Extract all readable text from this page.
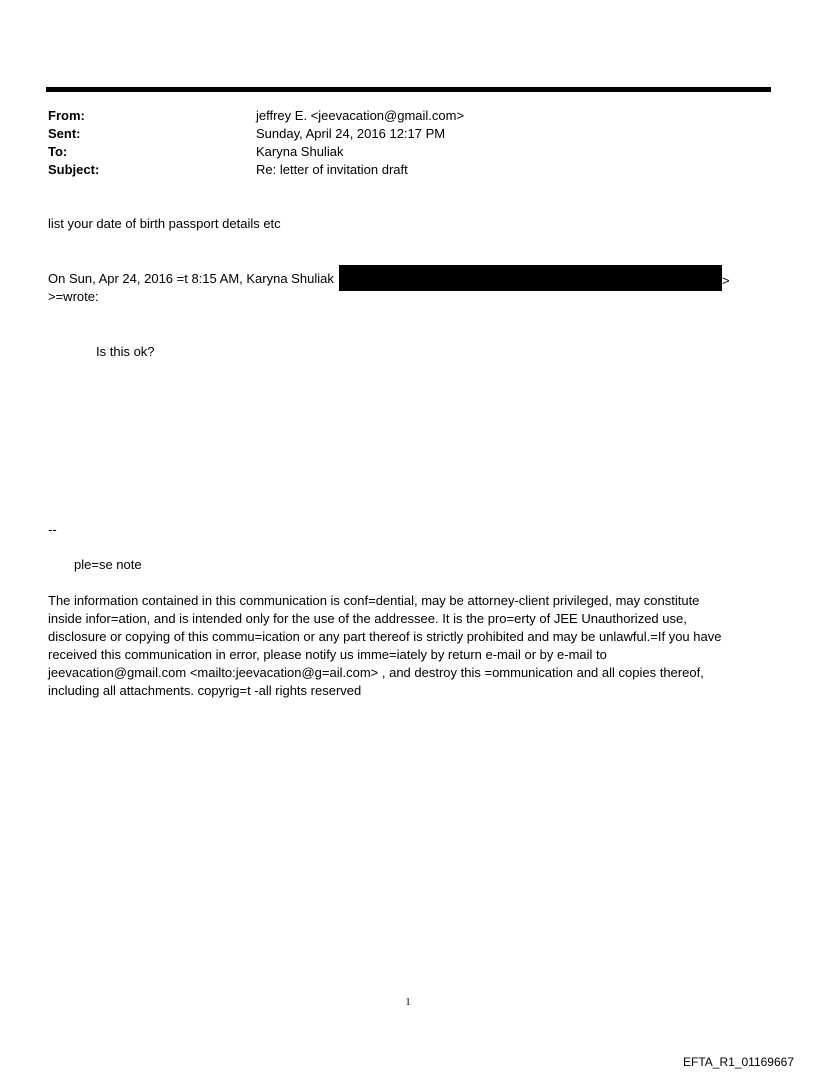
From:	jeffrey E. <jeevacation@gmail.com>
Sent:	Sunday, April 24, 2016 12:17 PM
To:	Karyna Shuliak
Subject:	Re: letter of invitation draft
list your date of birth passport details etc
On Sun, Apr 24, 2016 =t 8:15 AM, Karyna Shuliak	>
>=wrote:
Is this ok?
--
ple=se note
The information contained in this communication is conf=dential, may be attorney-client privileged, may constitute
inside infor=ation, and is intended only for the use of the addressee. It is the pro=erty of JEE Unauthorized use,
disclosure or copying of this commu=ication or any part thereof is strictly prohibited and may be unlawful.=If you have
received this communication in error, please notify us imme=iately by return e-mail or by e-mail to
jeevacation@gmail.com <mailto:jeevacation@g=ail.com> , and destroy this =ommunication and all copies thereof,
including all attachments. copyrig=t -all rights reserved
1
EFTA_R1_01169667
